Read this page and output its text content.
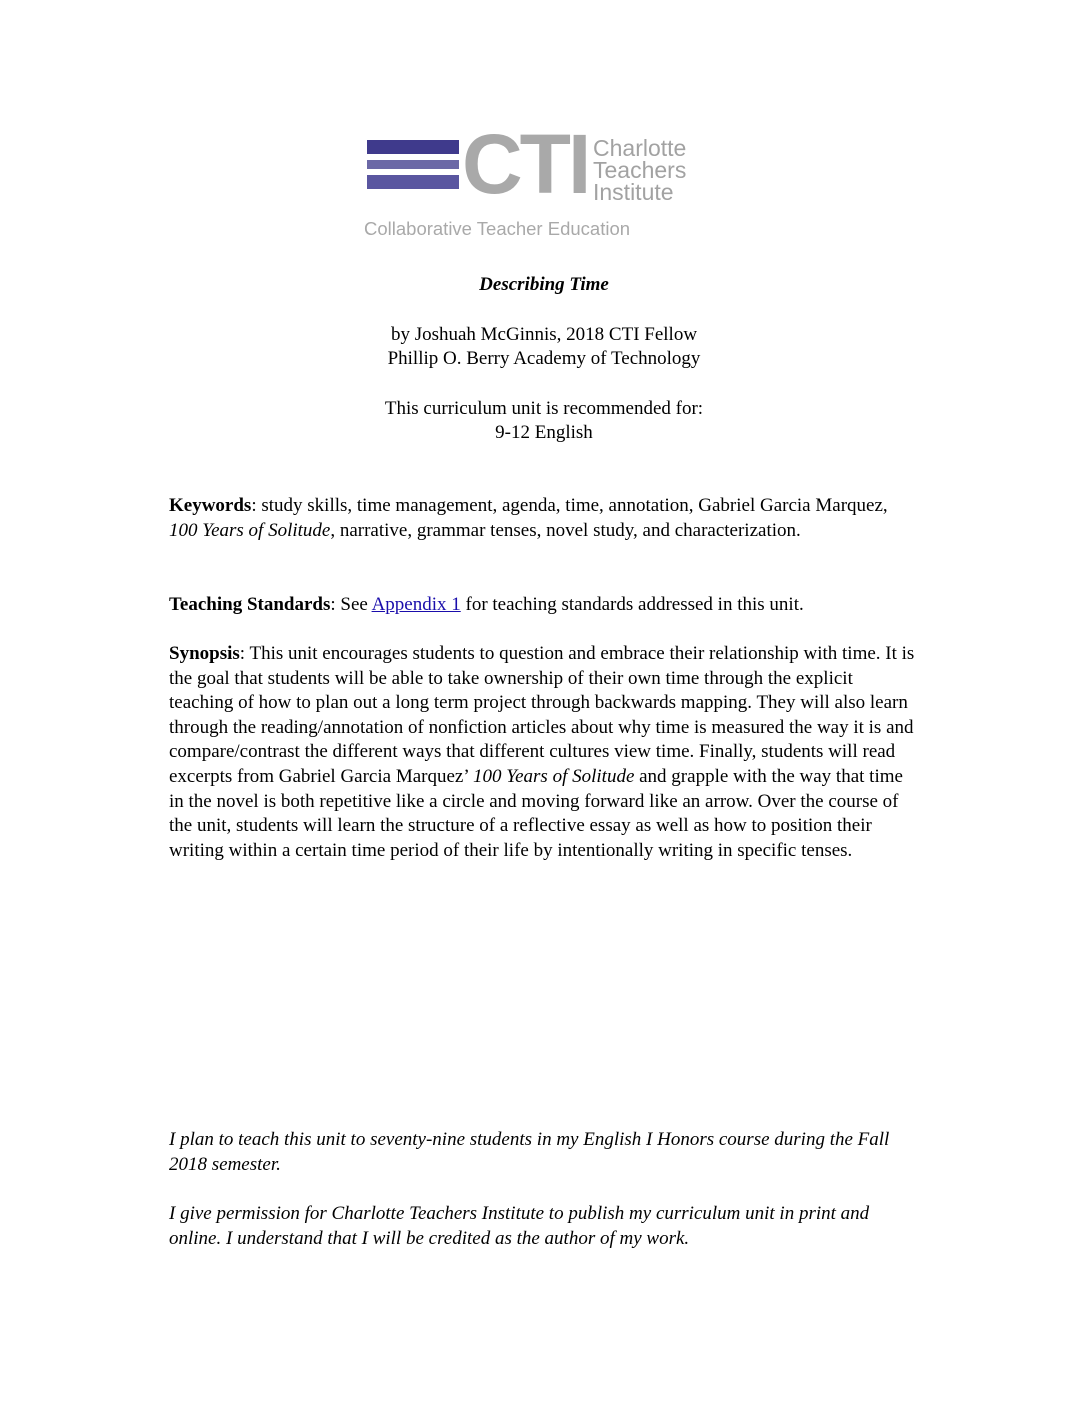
CTI Charlotte
Teachers
Institute
Collaborative Teacher Education
Describing Time
by Joshuah McGinnis, 2018 CTI Fellow
Phillip O. Berry Academy of Technology
This curriculum unit is recommended for:
9-12 English
Keywords: study skills, time management, agenda, time, annotation, Gabriel Garcia Marquez, 100 Years of Solitude, narrative, grammar tenses, novel study, and characterization.
Teaching Standards: See Appendix 1 for teaching standards addressed in this unit.
Synopsis: This unit encourages students to question and embrace their relationship with time. It is the goal that students will be able to take ownership of their own time through the explicit teaching of how to plan out a long term project through backwards mapping. They will also learn through the reading/annotation of nonfiction articles about why time is measured the way it is and compare/contrast the different ways that different cultures view time. Finally, students will read excerpts from Gabriel Garcia Marquez’ 100 Years of Solitude and grapple with the way that time in the novel is both repetitive like a circle and moving forward like an arrow. Over the course of the unit, students will learn the structure of a reflective essay as well as how to position their writing within a certain time period of their life by intentionally writing in specific tenses.
I plan to teach this unit to seventy-nine students in my English I Honors course during the Fall 2018 semester.
I give permission for Charlotte Teachers Institute to publish my curriculum unit in print and online. I understand that I will be credited as the author of my work.
